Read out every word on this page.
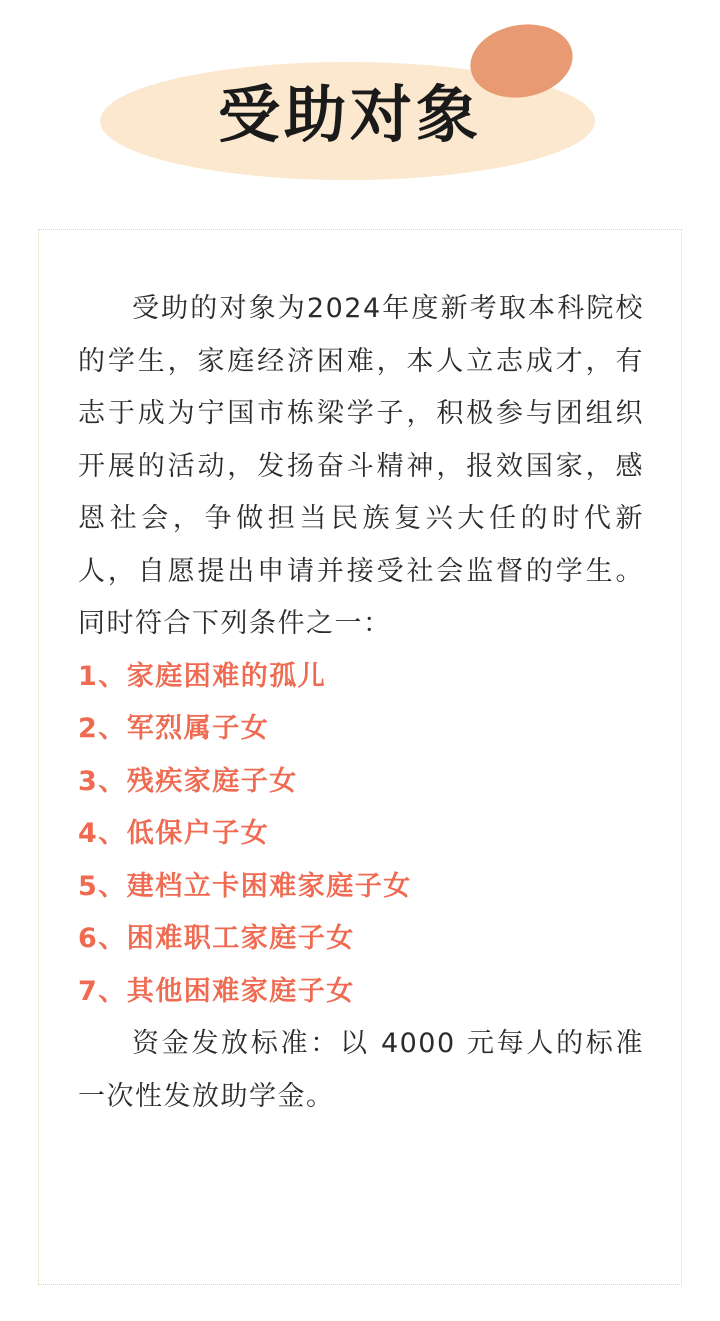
受助对象

受助的对象为2024年度新考取本科院校的学生，家庭经济困难，本人立志成才，有志于成为宁国市栋梁学子，积极参与团组织开展的活动，发扬奋斗精神，报效国家，感恩社会，争做担当民族复兴大任的时代新人，自愿提出申请并接受社会监督的学生。同时符合下列条件之一：

1、家庭困难的孤儿

2、军烈属子女

3、残疾家庭子女

4、低保户子女

5、建档立卡困难家庭子女

6、困难职工家庭子女

7、其他困难家庭子女

资金发放标准：以 4000 元每人的标准一次性发放助学金。
